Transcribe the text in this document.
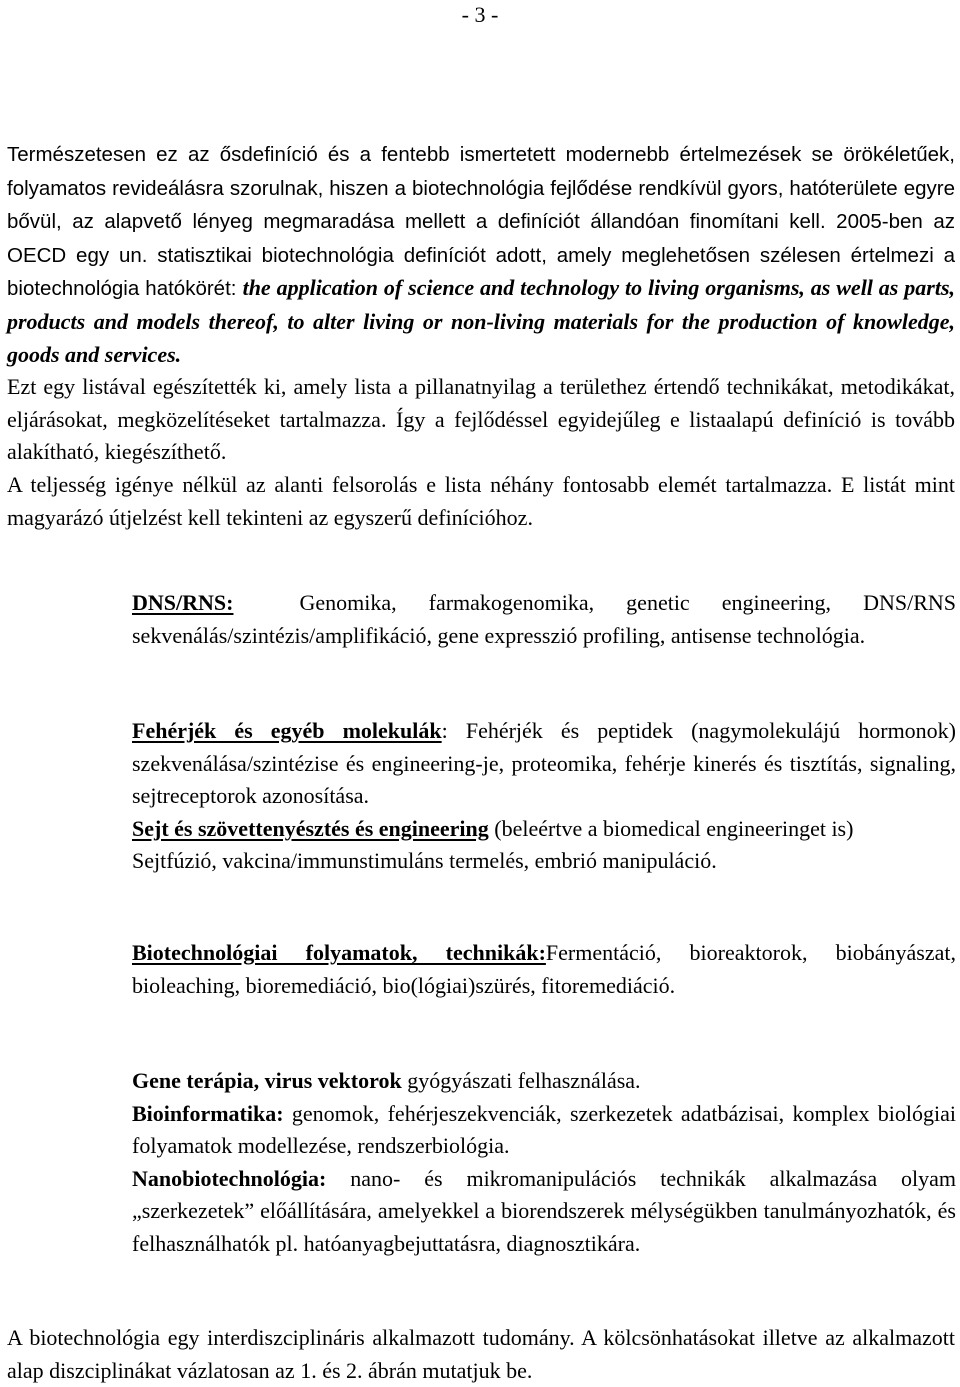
- 3 -

Természetesen ez az ősdefiníció és a fentebb ismertetett modernebb értelmezések se örökéletűek, folyamatos revideálásra szorulnak, hiszen a biotechnológia fejlődése rendkívül gyors, hatóterülete egyre bővül, az alapvető lényeg megmaradása mellett a definíciót állandóan finomítani kell. 2005-ben az OECD egy un. statisztikai biotechnológia definíciót adott, amely meglehetősen szélesen értelmezi a biotechnológia hatókörét: the application of science and technology to living organisms, as well as parts, products and models thereof, to alter living or non-living materials for the production of knowledge, goods and services.

Ezt egy listával egészítették ki, amely lista a pillanatnyilag a területhez értendő technikákat, metodikákat, eljárásokat, megközelítéseket tartalmazza. Így a fejlődéssel egyidejűleg e listaalapú definíció is tovább alakítható, kiegészíthető.

A teljesség igénye nélkül az alanti felsorolás e lista néhány fontosabb elemét tartalmazza. E listát mint magyarázó útjelzést kell tekinteni az egyszerű definícióhoz.

DNS/RNS:	Genomika, farmakogenomika, genetic engineering, DNS/RNS sekvenálás/szintézis/amplifikáció, gene expresszió profiling, antisense technológia.

Fehérjék és egyéb molekulák: Fehérjék és peptidek (nagymolekulájú hormonok) szekvenálása/szintézise és engineering-je, proteomika, fehérje kinerés és tisztítás, signaling, sejtreceptorok azonosítása.

Sejt és szövettenyésztés és engineering (beleértve a biomedical engineeringet is)

Sejtfúzió, vakcina/immunstimuláns termelés, embrió manipuláció.

Biotechnológiai folyamatok, technikák:Fermentáció, bioreaktorok, biobányászat, bioleaching, bioremediáció, bio(lógiai)szürés, fitoremediáció.

Gene terápia, virus vektorok gyógyászati felhasználása.

Bioinformatika: genomok, fehérjeszekvenciák, szerkezetek adatbázisai, komplex biológiai folyamatok modellezése, rendszerbiológia.

Nanobiotechnológia: nano- és mikromanipulációs technikák alkalmazása olyam „szerkezetek” előállítására, amelyekkel a biorendszerek mélységükben tanulmányozhatók, és felhasználhatók pl. hatóanyagbejuttatásra, diagnosztikára.

A biotechnológia egy interdiszciplináris alkalmazott tudomány. A kölcsönhatásokat illetve az alkalmazott alap diszciplinákat vázlatosan az 1. és 2. ábrán mutatjuk be.
